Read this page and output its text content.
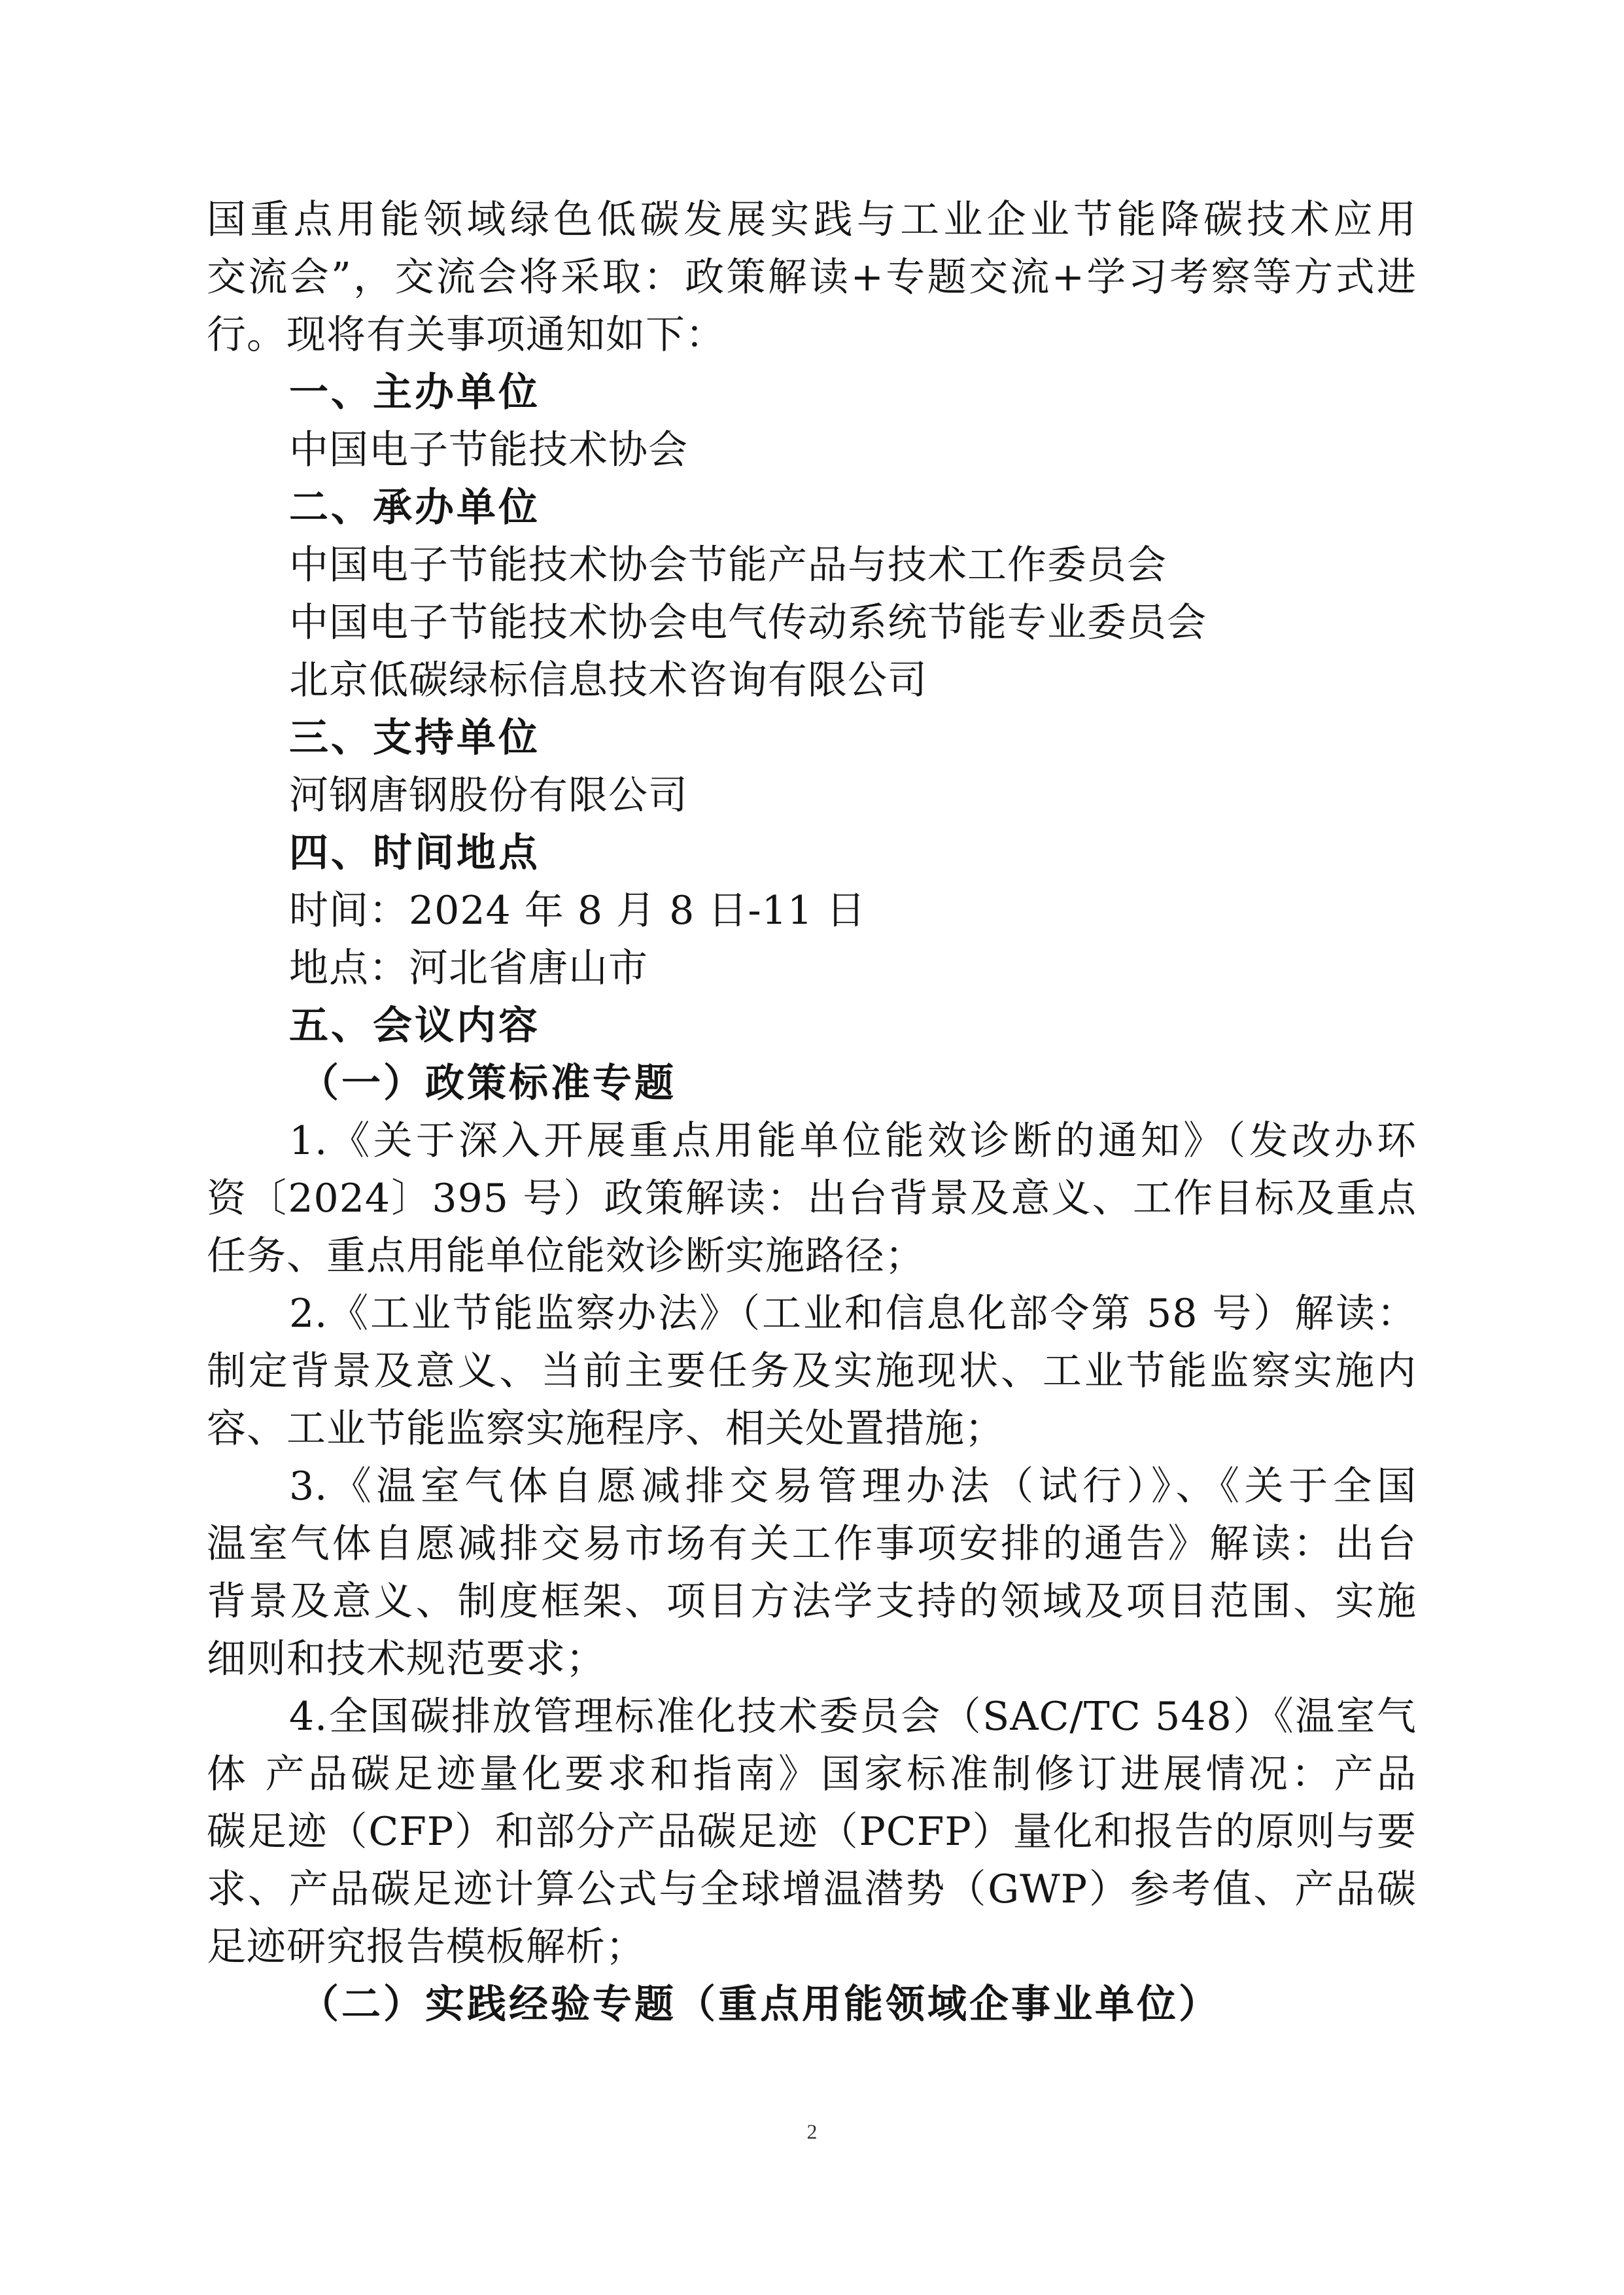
国重点用能领域绿色低碳发展实践与工业企业节能降碳技术应用
交流会”，交流会将采取：政策解读+专题交流+学习考察等方式进
行。现将有关事项通知如下：
一、主办单位
中国电子节能技术协会
二、承办单位
中国电子节能技术协会节能产品与技术工作委员会
中国电子节能技术协会电气传动系统节能专业委员会
北京低碳绿标信息技术咨询有限公司
三、支持单位
河钢唐钢股份有限公司
四、时间地点
时间：2024 年 8 月 8 日-11 日
地点：河北省唐山市
五、会议内容
（一）政策标准专题
1.《关于深入开展重点用能单位能效诊断的通知》（发改办环
资〔2024〕395 号）政策解读：出台背景及意义、工作目标及重点
任务、重点用能单位能效诊断实施路径；
2.《工业节能监察办法》（工业和信息化部令第 58 号）解读：
制定背景及意义、当前主要任务及实施现状、工业节能监察实施内
容、工业节能监察实施程序、相关处置措施；
3.《温室气体自愿减排交易管理办法（试行）》、《关于全国
温室气体自愿减排交易市场有关工作事项安排的通告》解读：出台
背景及意义、制度框架、项目方法学支持的领域及项目范围、实施
细则和技术规范要求；
4.全国碳排放管理标准化技术委员会（SAC/TC 548）《温室气
体 产品碳足迹量化要求和指南》国家标准制修订进展情况：产品
碳足迹（CFP）和部分产品碳足迹（PCFP）量化和报告的原则与要
求、产品碳足迹计算公式与全球增温潜势（GWP）参考值、产品碳
足迹研究报告模板解析；
（二）实践经验专题（重点用能领域企事业单位）
2
